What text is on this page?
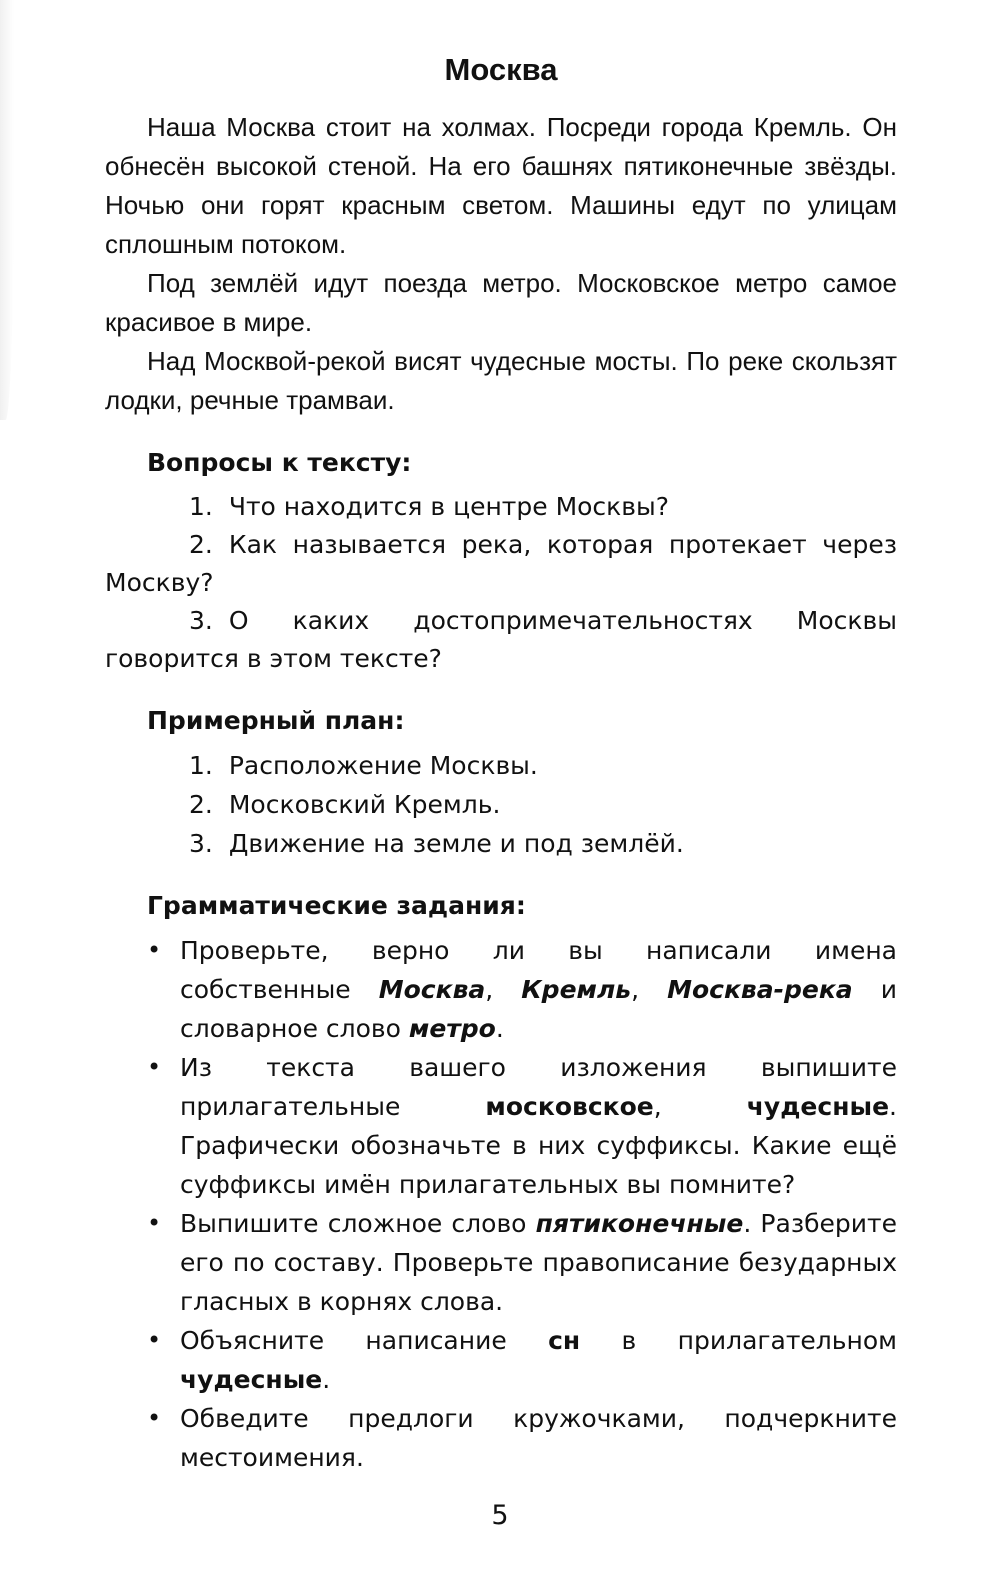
Москва

Наша Москва стоит на холмах. Посреди города Кремль. Он обнесён высокой стеной. На его башнях пятиконечные звёзды. Ночью они горят красным светом. Машины едут по улицам сплошным потоком.

Под землёй идут поезда метро. Московское метро самое красивое в мире.

Над Москвой-рекой висят чудесные мосты. По реке скользят лодки, речные трамваи.

Вопросы к тексту:

1. Что находится в центре Москвы?

2. Как называется река, которая протекает через Москву?

3. О каких достопримечательностях Москвы говорится в этом тексте?

Примерный план:

1. Расположение Москвы.

2. Московский Кремль.

3. Движение на земле и под землёй.

Грамматические задания:
• Проверьте, верно ли вы написали имена собственные Москва, Кремль, Москва-река и словарное слово метро.
• Из текста вашего изложения выпишите прилагательные московское, чудесные. Графически обозначьте в них суффиксы. Какие ещё суффиксы имён прилагательных вы помните?
• Выпишите сложное слово пятиконечные. Разберите его по составу. Проверьте правописание безударных гласных в корнях слова.
• Объясните написание сн в прилагательном чудесные.
• Обведите предлоги кружочками, подчеркните местоимения.
5
